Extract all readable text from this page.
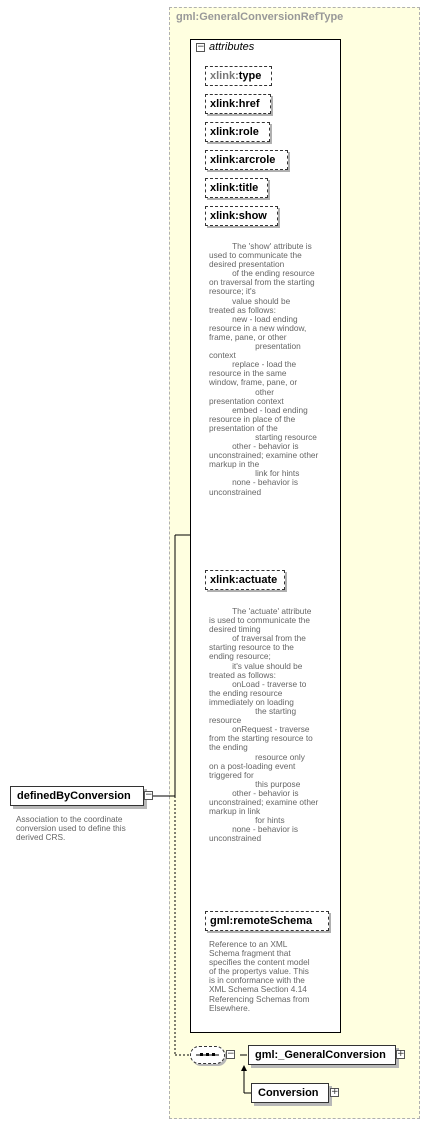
gml:GeneralConversionRefType
− attributes
xlink:type
xlink:href
xlink:role
xlink:arcrole
xlink:title
xlink:show
The 'show' attribute is
used to communicate the
desired presentation
of the ending resource
on traversal from the starting
resource; it's
value should be
treated as follows:
new - load ending
resource in a new window,
frame, pane, or other
presentation
context
replace - load the
resource in the same
window, frame, pane, or
other
presentation context
embed - load ending
resource in place of the
presentation of the
starting resource
other - behavior is
unconstrained; examine other
markup in the
link for hints
none - behavior is
unconstrained
xlink:actuate
The 'actuate' attribute
is used to communicate the
desired timing
of traversal from the
starting resource to the
ending resource;
it's value should be
treated as follows:
onLoad - traverse to
the ending resource
immediately on loading
the starting
resource
onRequest - traverse
from the starting resource to
the ending
resource only
on a post-loading event
triggered for
this purpose
other - behavior is
unconstrained; examine other
markup in link
for hints
none - behavior is
unconstrained
gml:remoteSchema
Reference to an XML
Schema fragment that
specifies the content model
of the propertys value. This
is in conformance with the
XML Schema Section 4.14
Referencing Schemas from
Elsewhere.
definedByConversion	−
Association to the coordinate
conversion used to define this
derived CRS.
−	gml:_GeneralConversion	+
Conversion	+
